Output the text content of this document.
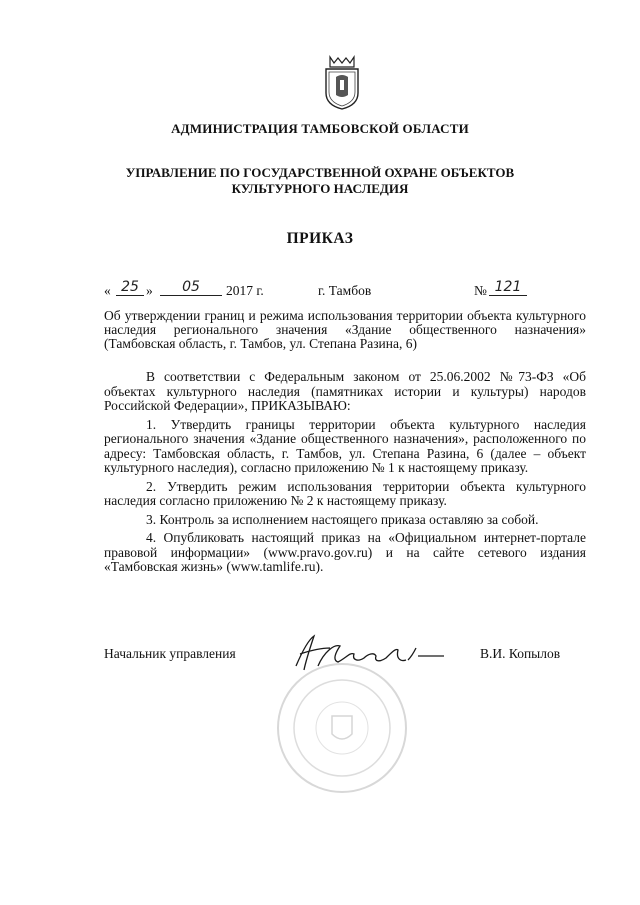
АДМИНИСТРАЦИЯ ТАМБОВСКОЙ ОБЛАСТИ
УПРАВЛЕНИЕ ПО ГОСУДАРСТВЕННОЙ ОХРАНЕ ОБЪЕКТОВ
КУЛЬТУРНОГО НАСЛЕДИЯ
ПРИКАЗ
« 25 »	05	2017 г.	г. Тамбов	№ 121
Об утверждении границ и режима использования территории объекта культурного наследия регионального значения «Здание общественного назначения» (Тамбовская область, г. Тамбов, ул. Степана Разина, 6)

В соответствии с Федеральным законом от 25.06.2002 №73-ФЗ «Об объектах культурного наследия (памятниках истории и культуры) народов Российской Федерации», ПРИКАЗЫВАЮ:

1. Утвердить границы территории объекта культурного наследия регионального значения «Здание общественного назначения», расположенного по адресу: Тамбовская область, г. Тамбов, ул. Степана Разина, 6 (далее – объект культурного наследия), согласно приложению № 1 к настоящему приказу.

2. Утвердить режим использования территории объекта культурного наследия согласно приложению № 2 к настоящему приказу.

3. Контроль за исполнением настоящего приказа оставляю за собой.

4. Опубликовать настоящий приказ на «Официальном интернет-портале правовой информации» (www.pravo.gov.ru) и на сайте сетевого издания «Тамбовская жизнь» (www.tamlife.ru).

Начальник управления	В.И. Копылов
